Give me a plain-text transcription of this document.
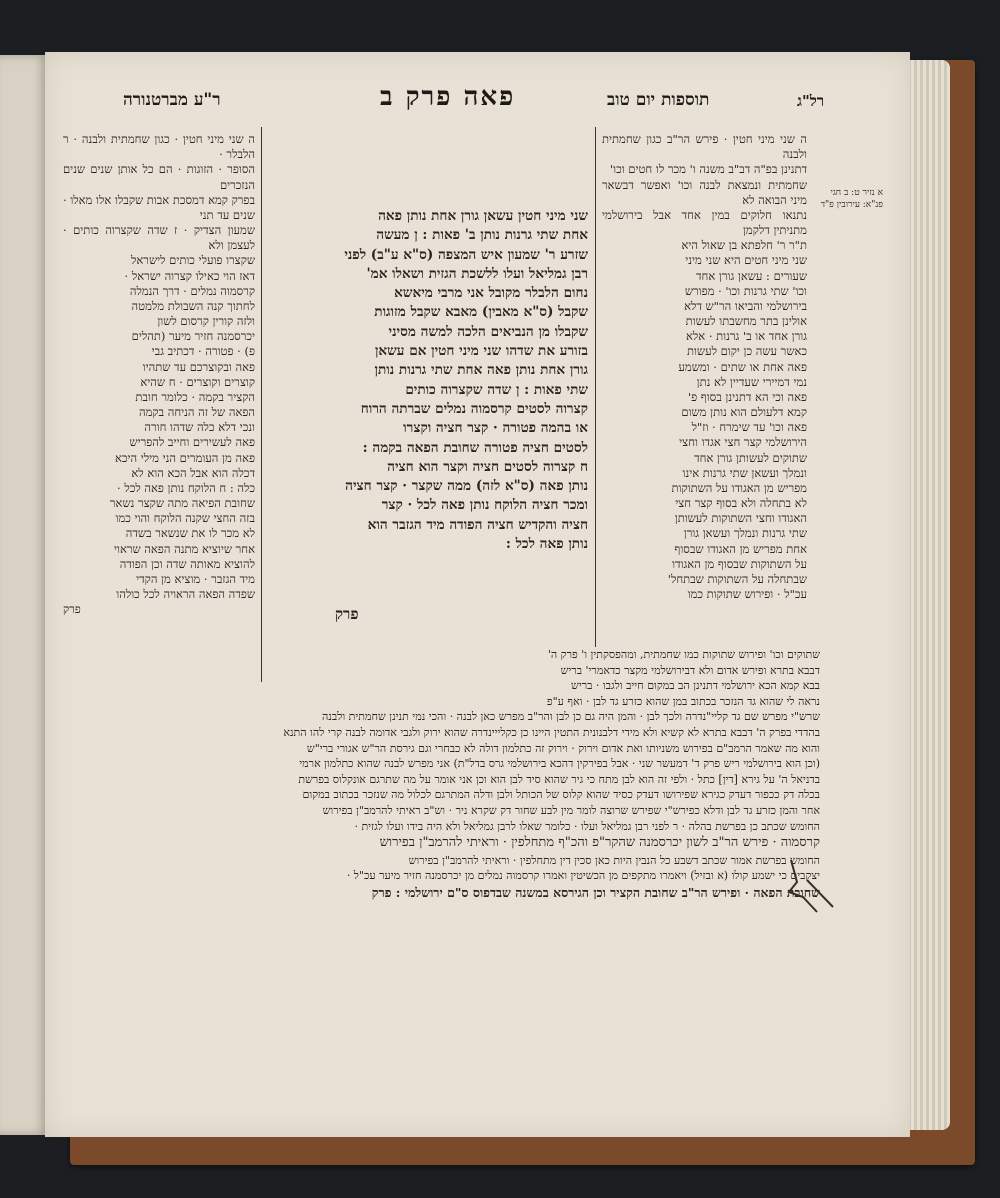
ר"ע מברטנורה	פאה פרק ב	תוספות יום טוב	רל"ג
א נזיר ט: ב חגי פנ"א: עירובין פ"ד
ה שני מיני חטין · כגון שחמתית ולבנה · ר הלבלר ·
הסופר · הזוגות · הם כל אותן שנים שנים הנזכרים
בפרק קמא דמסכת אבות שקבלו אלו מאלו · שנים עד תני
שמעון הצדיק · ז שדה שקצרוה כותים · לעצמן ולא
שקצרו פועלי כותים לישראל
דאז הוי כאילו קצרוה ישראל ·
קרסמוה נמלים · דרך הנמלה
לחתוך קנה השבולת מלמטה
ולזה קורין קרסום לשון
יכרסמנה חזיר מיער (תהלים
פ) · פטורה · דכתיב גבי
פאה ובקוצרכם עד שתהיו
קוצרים וקוצרים · ח שהיא
הקציר בקמה · כלומר חובת
הפאה של זה הניחה בקמה
ונכי דלא כלה שדהו חורה
פאה לעשירים וחייב להפריש
פאה מן העומרים הני מילי היכא
דכלה הוא אבל הכא הוא לא
כלה : ח הלוקח נותן פאה לכל ·
שחובת הפיאה מתה שקצר נשאר
בזה החצי שקנה הלוקח והוי כמו
לא מכר לו את שנשאר בשדה
אחר שיוציא מתנה הפאה שראוי
להוציא מאותה שדה וכן הפודה
מיד הגזבר · מוציא מן הקדי
שפדה הפאה הראויה לכל כולהו
פרק
שני מיני חטין עשאן גורן אחת נותן פאה
אחת שתי גרנות נותן ב' פאות : ן מעשה
שזרע ר' שמעון איש המצפה (ס"א ע"ב) לפני
רבן גמליאל ועלו ללשכת הגזית ושאלו אמ'
נחום הלבלר מקובל אני מרבי מיאשא
שקבל (ס"א מאבין) מאבא שקבל מזוגות
שקבלו מן הנביאים הלכה למשה מסיני
בזורע את שדהו שני מיני חטין אם עשאן
גורן אחת נותן פאה אחת שתי גרנות נותן
שתי פאות : ן שדה שקצרוה כותים
קצרוה לסטים קרסמוה נמלים שברתה הרוח
או בהמה פטורה · קצר חציה וקצרו
לסטים חציה פטורה שחובת הפאה בקמה :
ח קצרוה לסטים חציה וקצר הוא חציה
נותן פאה (ס"א לזה) ממה שקצר · קצר חציה
ומכר חציה הלוקח נותן פאה לכל · קצר
חציה והקדיש חציה הפודה מיד הגזבר הוא
נותן פאה לכל :
פרק
ה שני מיני חטין · פירש הר"ב כגון שחמתית ולבנה
דתנינן בפ"ה דב"ב משנה ו' מכר לו חטים וכו'
שחמתית ונמצאת לבנה וכו' ואפשר דבשאר מיני הבואה לא
נתנאו חלוקים במין אחד אבל בירושלמי מתניתין דלקמן
ת"ר ר' חלפתא בן שאול היא
שני מיני חטים היא שני מיני
שעורים : עשאן גורן אחד
וכו' שתי גרנות וכו' · מפורש
בירושלמי והביאו הר"ש דלא
אולינן בתר מחשבתו לעשות
גורן אחד או ב' גרנות · אלא
כאשר עשה כן יקום לעשות
פאה אחת או שתים · ומשמע
נמי דמיירי שעדיין לא נתן
פאה וכי הא דתנינן בסוף פ'
קמא דלעולם הוא נותן משום
פאה וכו' עד שימרח · וז"ל
הירושלמי קצר חצי אגדו וחצי
שתוקים לעשותן גורן אחד
ונמלך ועשאן שתי גרנות אינו
מפריש מן האגודו על השתוקות
לא בתחלה ולא בסוף קצר חצי
האגודו וחצי השתוקות לעשותן
שתי גרנות ונמלך ועשאן גורן
אחת מפריש מן האגודו שבסוף
על השתוקות שבסוף מן האגודו
שבתחלה על השתוקות שבתחל'
עכ"ל · ופירוש שתוקות כמו
שתוקים וכו' ופירוש שתוקות כמו שחמתית, ומהפסקתין ו' פרק ה'
דבבא בתרא ופירש אדום ולא דבירושלמי מקצר כדאמרי' בריש
בבא קמא הכא ירושלמי דתנינן הב במקום חייב ולגבו · בריש
נראה לי שהוא גד הנזכר בכתוב במן שהוא כזרע גד לבן · ואף ע"פ
שרש"י מפרש שם גד קליי"נדרה ולכך לבן · והמן היה גם כן לבן והר"ב מפרש כאן לבנה · והכי נמי תנינן שחמתית ולבנה
בהדדי בפרק ה' דבבא בתרא לא קשיא ולא מידי דלבנונית התטין היינו כן כקלייינדרה שהוא ירוק ולגבי אדומה לבנה קרי להו התנא
והוא מה שאמר הרמב"ם בפירוש משניותו ואת אדום וירוק · וירוק זה כתלמון דולה לא כבחרי וגם גירסת הר"ש אגורי ברי"ש
(וכן הוא בירושלמי ריש פרק ד' דמעשר שני · אבל בפירקין דהכא בירושלמי גרס בדל"ת) אני מפרש לבנה שהוא כתלמון ארמי
בדניאל ה' על גירא [דין] כתל · ולפי זה הוא לבן מתח כי גיר שהוא סיד לבן הוא וכן אני אומר על מה שתרגם אונקלוס בפרשת
בכלה דק ככפור דעדק כגירא שפירושו דעדק כסיד שהוא קלוס של הכותל ולבן ודלה המתרגם לכלול מה שנזכר בכתוב במקום
אחר והמן כזרע גד לבן ודלא כפירש"י שפירש שרוצה לומר מין לבע שחור דק שקרא ניר · וש"ב ראיתי להרמב"ן בפירוש
החומש שכתב כן בפרשת בהלה · ר לפני רבן גמליאל ועלו · כלומר שאלו לרבן גמליאל ולא היה בידו ועלו לגזית ·
קרסמוה · פירש הר"ב לשון יכרסמנה שהקר"פ והכ"ף מתחלפין · וראיתי להרמב"ן בפירוש
החומש בפרשת אמור שכתב דשבע כל הנבין היות כאן סכין דין מתחלפין · וראיתי להרמב"ן בפירוש
יצקבים כי ישמע קולו (א ובזיל) ויאמרו מתקפים מן הכשיטין ואמרו קרסמוה נמלים מן יכרסמנה חזיר מיער עכ"ל ·
שחובת הפאה · ופירש הר"ב שחובת הקציר וכן הגירסא במשנה שבדפוס ס"ם ירושלמי : פרק
